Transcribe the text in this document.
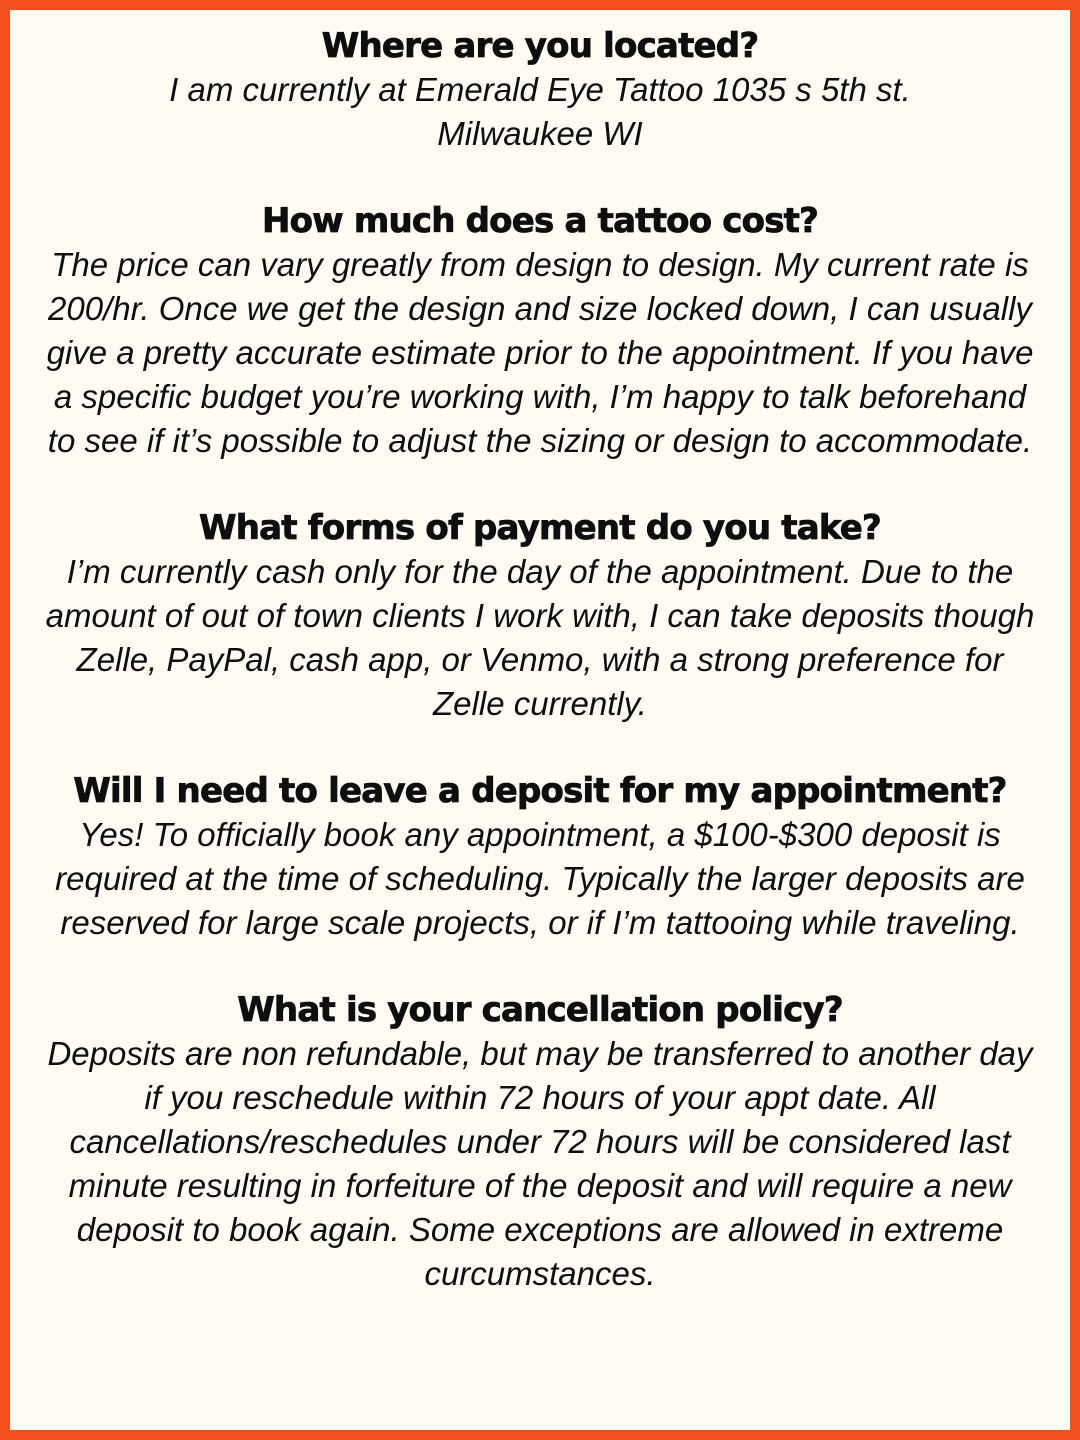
Where are you located?

I am currently at Emerald Eye Tattoo 1035 s 5th st. Milwaukee WI

How much does a tattoo cost?

The price can vary greatly from design to design. My current rate is 200/hr. Once we get the design and size locked down, I can usually give a pretty accurate estimate prior to the appointment. If you have a specific budget you’re working with, I’m happy to talk beforehand to see if it’s possible to adjust the sizing or design to accommodate.

What forms of payment do you take?

I’m currently cash only for the day of the appointment. Due to the amount of out of town clients I work with, I can take deposits though Zelle, PayPal, cash app, or Venmo, with a strong preference for Zelle currently.

Will I need to leave a deposit for my appointment?

Yes! To officially book any appointment, a $100-$300 deposit is required at the time of scheduling. Typically the larger deposits are reserved for large scale projects, or if I’m tattooing while traveling.

What is your cancellation policy?

Deposits are non refundable, but may be transferred to another day if you reschedule within 72 hours of your appt date. All cancellations/reschedules under 72 hours will be considered last minute resulting in forfeiture of the deposit and will require a new deposit to book again. Some exceptions are allowed in extreme curcumstances.
